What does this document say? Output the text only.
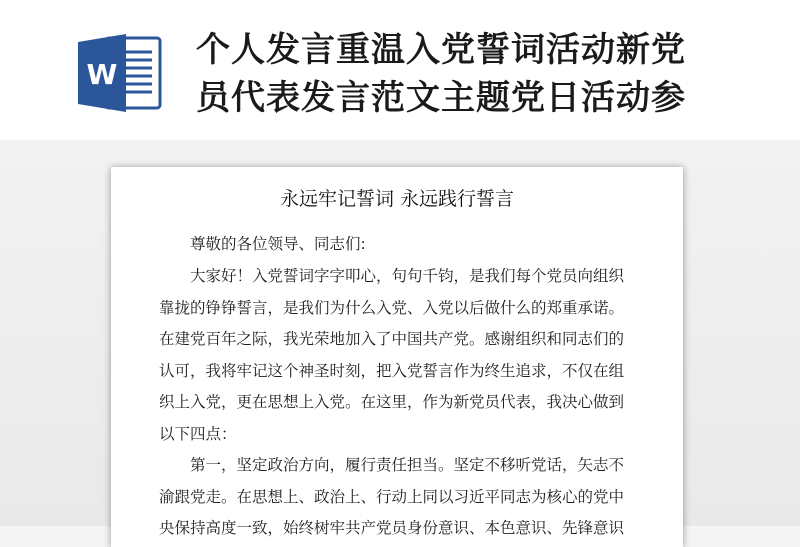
W
个人发言重温入党誓词活动新党
员代表发言范文主题党日活动参

永远牢记誓词 永远践行誓言

尊敬的各位领导、同志们:

大家好！入党誓词字字叩心，句句千钧，是我们每个党员向组织
靠拢的铮铮誓言，是我们为什么入党、入党以后做什么的郑重承诺。
在建党百年之际，我光荣地加入了中国共产党。感谢组织和同志们的
认可，我将牢记这个神圣时刻，把入党誓言作为终生追求，不仅在组
织上入党，更在思想上入党。在这里，作为新党员代表，我决心做到
以下四点：

第一，坚定政治方向，履行责任担当。坚定不移听党话，矢志不
渝跟党走。在思想上、政治上、行动上同以习近平同志为核心的党中
央保持高度一致，始终树牢共产党员身份意识、本色意识、先锋意识
